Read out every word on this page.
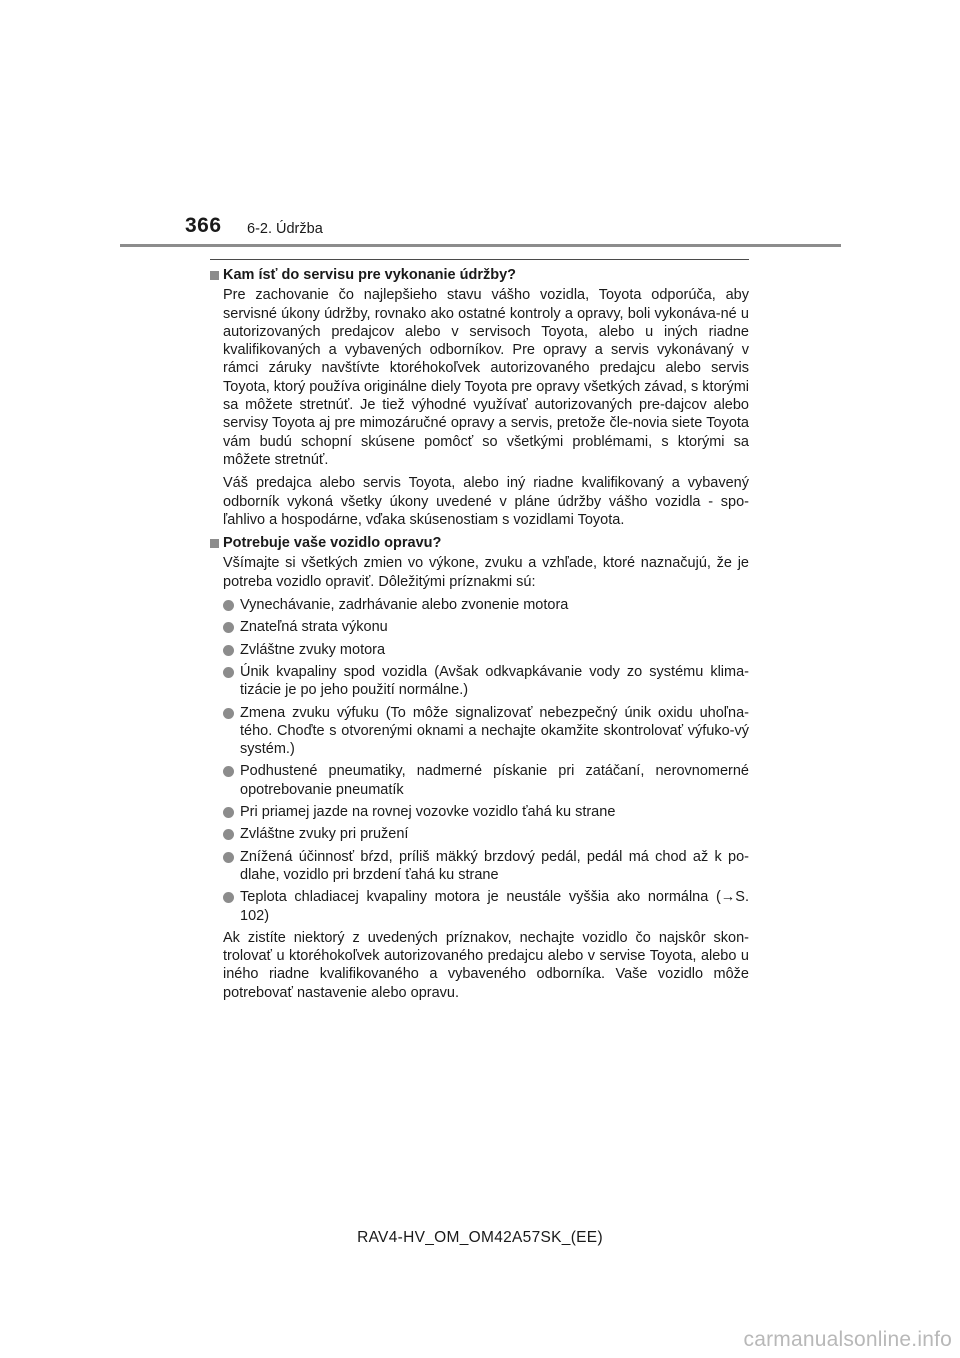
366 6-2. Údržba
Kam ísť do servisu pre vykonanie údržby?

Pre zachovanie čo najlepšieho stavu vášho vozidla, Toyota odporúča, aby servisné úkony údržby, rovnako ako ostatné kontroly a opravy, boli vykonáva-né u autorizovaných predajcov alebo v servisoch Toyota, alebo u iných riadne kvalifikovaných a vybavených odborníkov. Pre opravy a servis vykonávaný v rámci záruky navštívte ktoréhokoľvek autorizovaného predajcu alebo servis Toyota, ktorý používa originálne diely Toyota pre opravy všetkých závad, s ktorými sa môžete stretnúť. Je tiež výhodné využívať autorizovaných pre-dajcov alebo servisy Toyota aj pre mimozáručné opravy a servis, pretože čle-novia siete Toyota vám budú schopní skúsene pomôcť so všetkými problémami, s ktorými sa môžete stretnúť.

Váš predajca alebo servis Toyota, alebo iný riadne kvalifikovaný a vybavený odborník vykoná všetky úkony uvedené v pláne údržby vášho vozidla - spo-ľahlivo a hospodárne, vďaka skúsenostiam s vozidlami Toyota.

Potrebuje vaše vozidlo opravu?

Všímajte si všetkých zmien vo výkone, zvuku a vzhľade, ktoré naznačujú, že je potreba vozidlo opraviť. Dôležitými príznakmi sú:

Vynechávanie, zadrhávanie alebo zvonenie motora
Znateľná strata výkonu
Zvláštne zvuky motora
Únik kvapaliny spod vozidla (Avšak odkvapkávanie vody zo systému klima-tizácie je po jeho použití normálne.)
Zmena zvuku výfuku (To môže signalizovať nebezpečný únik oxidu uhoľna-tého. Choďte s otvorenými oknami a nechajte okamžite skontrolovať výfuko-vý systém.)
Podhustené pneumatiky, nadmerné pískanie pri zatáčaní, nerovnomerné opotrebovanie pneumatík
Pri priamej jazde na rovnej vozovke vozidlo ťahá ku strane
Zvláštne zvuky pri pružení
Znížená účinnosť bŕzd, príliš mäkký brzdový pedál, pedál má chod až k po-dlahe, vozidlo pri brzdení ťahá ku strane
Teplota chladiacej kvapaliny motora je neustále vyššia ako normálna (→S. 102)

Ak zistíte niektorý z uvedených príznakov, nechajte vozidlo čo najskôr skon-trolovať u ktoréhokoľvek autorizovaného predajcu alebo v servise Toyota, alebo u iného riadne kvalifikovaného a vybaveného odborníka. Vaše vozidlo môže potrebovať nastavenie alebo opravu.

RAV4-HV_OM_OM42A57SK_(EE)
carmanualsonline.info
